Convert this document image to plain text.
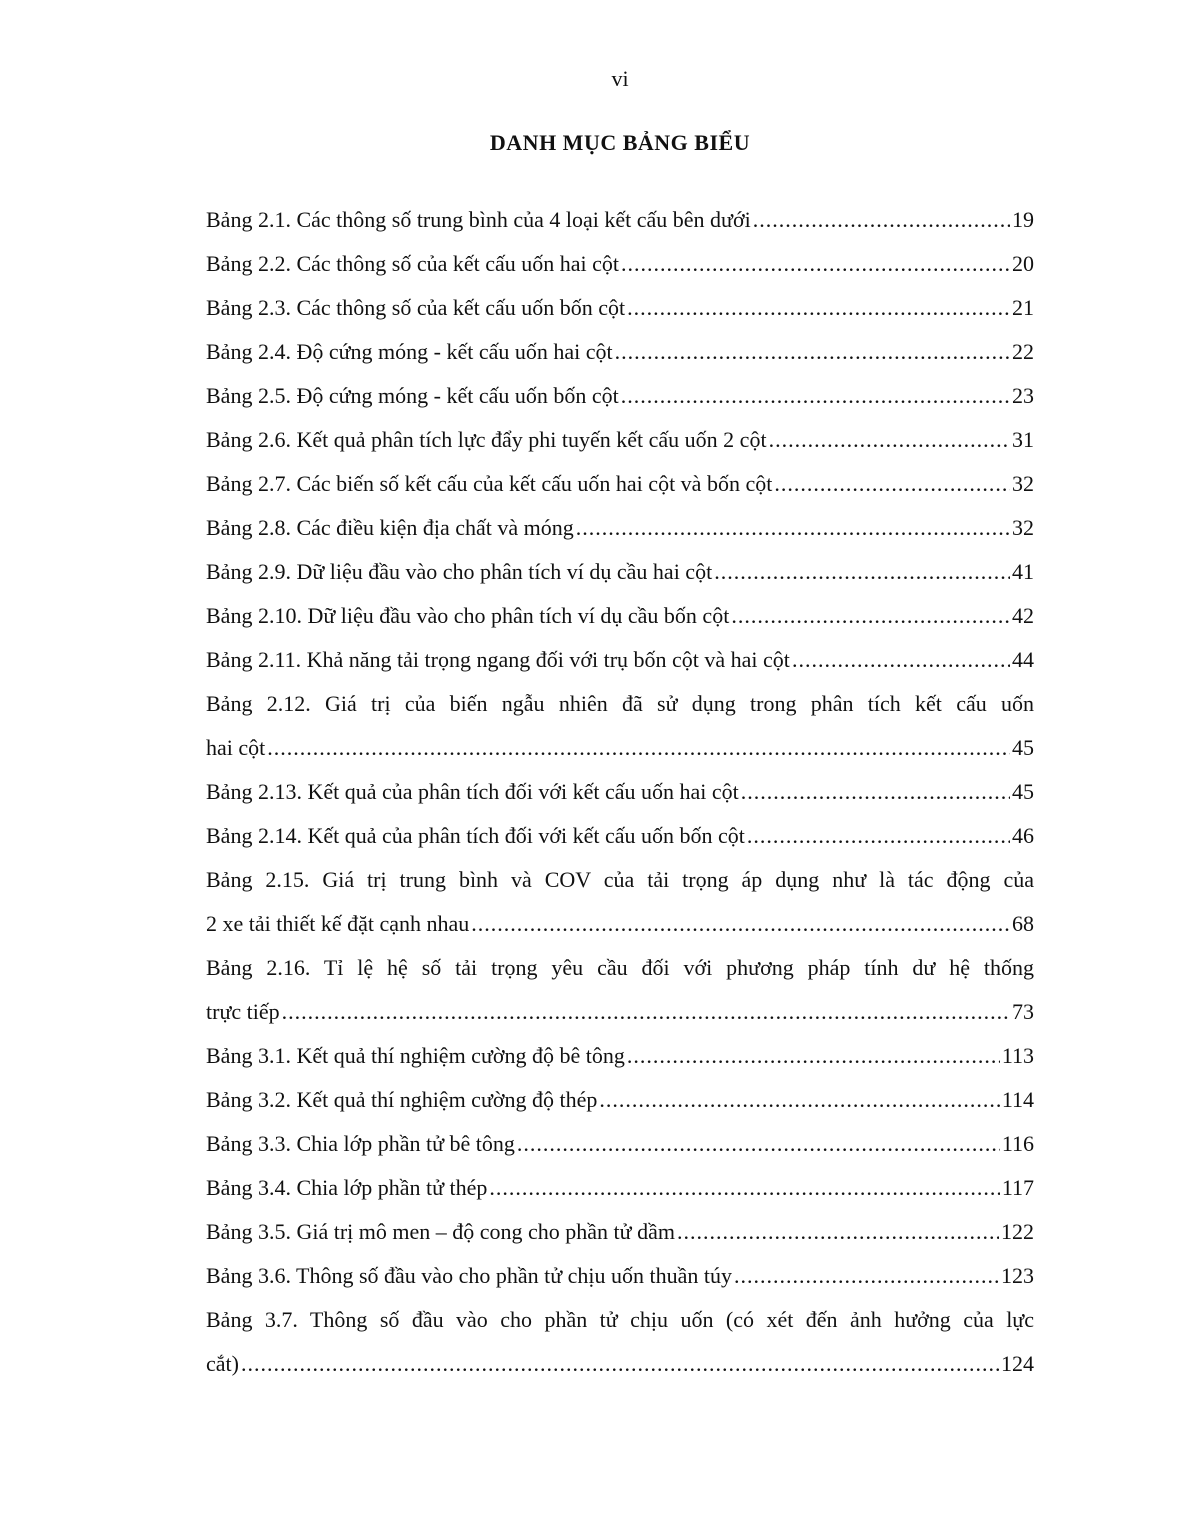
vi
DANH MỤC BẢNG BIỂU
Bảng 2.1. Các thông số trung bình của 4 loại kết cấu bên dưới .....	19
Bảng 2.2. Các thông số của kết cấu uốn hai cột .....	20
Bảng 2.3. Các thông số của kết cấu uốn bốn cột .....	21
Bảng 2.4. Độ cứng móng - kết cấu uốn hai cột .....	22
Bảng 2.5. Độ cứng móng - kết cấu uốn bốn cột .....	23
Bảng 2.6. Kết quả phân tích lực đẩy phi tuyến kết cấu uốn 2 cột .....	31
Bảng 2.7. Các biến số kết cấu của kết cấu uốn hai cột và bốn cột .....	32
Bảng 2.8. Các điều kiện địa chất và móng .....	32
Bảng 2.9. Dữ liệu đầu vào cho phân tích ví dụ cầu hai cột .....	41
Bảng 2.10. Dữ liệu đầu vào cho phân tích ví dụ cầu bốn cột .....	42
Bảng 2.11. Khả năng tải trọng ngang đối với trụ bốn cột và hai cột .....	44
Bảng 2.12. Giá trị của biến ngẫu nhiên đã sử dụng trong phân tích kết cấu uốn
hai cột .....	45
Bảng 2.13. Kết quả của phân tích đối với kết cấu uốn hai cột .....	45
Bảng 2.14. Kết quả của phân tích đối với kết cấu uốn bốn cột .....	46
Bảng 2.15. Giá trị trung bình và COV của tải trọng áp dụng như là tác động của
2 xe tải thiết kế đặt cạnh nhau .....	68
Bảng 2.16. Tỉ lệ hệ số tải trọng yêu cầu đối với phương pháp tính dư hệ thống
trực tiếp .....	73
Bảng 3.1. Kết quả thí nghiệm cường độ bê tông .....	113
Bảng 3.2. Kết quả thí nghiệm cường độ thép .....	114
Bảng 3.3. Chia lớp phần tử bê tông .....	116
Bảng 3.4. Chia lớp phần tử thép .....	117
Bảng 3.5. Giá trị mô men – độ cong cho phần tử dầm .....	122
Bảng 3.6. Thông số đầu vào cho phần tử chịu uốn thuần túy .....	123
Bảng 3.7. Thông số đầu vào cho phần tử chịu uốn (có xét đến ảnh hưởng của lực
cắt) .....	124
